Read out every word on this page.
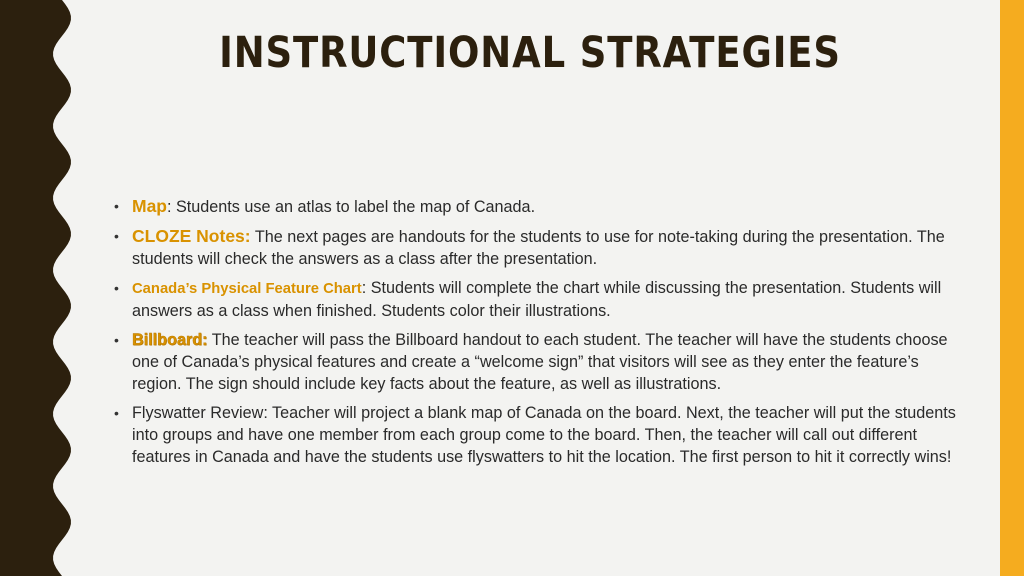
INSTRUCTIONAL STRATEGIES
• Map: Students use an atlas to label the map of Canada.
• CLOZE Notes: The next pages are handouts for the students to use for note-taking during the presentation. The students will check the answers as a class after the presentation.
• Canada’s Physical Feature Chart: Students will complete the chart while discussing the presentation. Students will answers as a class when finished. Students color their illustrations.
• Billboard: The teacher will pass the Billboard handout to each student. The teacher will have the students choose one of Canada’s physical features and create a “welcome sign” that visitors will see as they enter the feature’s region. The sign should include key facts about the feature, as well as illustrations.
• Flyswatter Review: Teacher will project a blank map of Canada on the board. Next, the teacher will put the students into groups and have one member from each group come to the board. Then, the teacher will call out different features in Canada and have the students use flyswatters to hit the location. The first person to hit it correctly wins!
